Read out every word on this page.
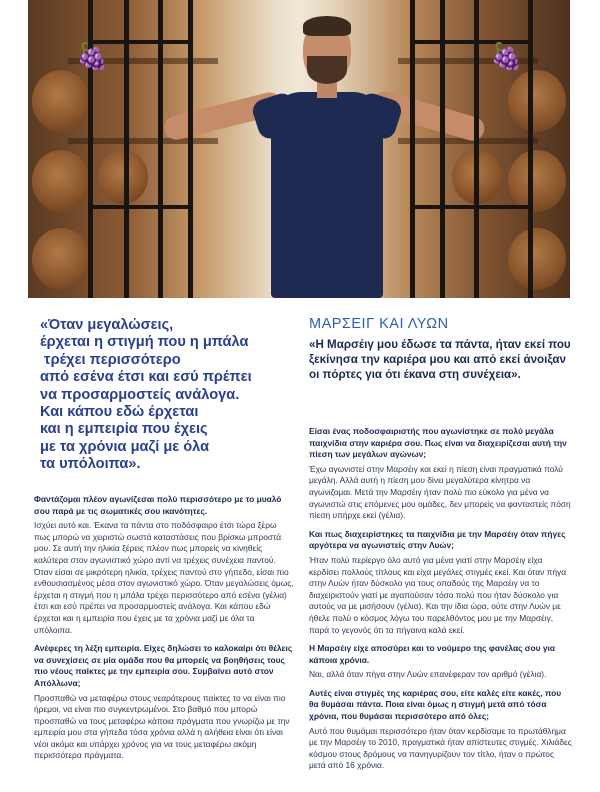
🍇	🍇
«Όταν μεγαλώσεις,
έρχεται η στιγμή που η μπάλα
τρέχει περισσότερο
από εσένα έτσι και εσύ πρέπει
να προσαρμοστείς ανάλογα.
Και κάπου εδώ έρχεται
και η εμπειρία που έχεις
με τα χρόνια μαζί με όλα
τα υπόλοιπα».

Φαντάζομαι πλέον αγωνίζεσαι πολύ περισσότερο με το μυαλό σου παρά με τις σωματικές σου ικανότητες.

Ισχύει αυτό και. Έκανα τα πάντα στο ποδόσφαιρο έτσι τώρα ξέρω πως μπορώ να χειριστώ σωστά καταστάσεις που βρίσκω μπροστά μου. Σε αυτή την ηλικία ξέρεις πλέον πως μπορείς να κινηθείς καλύτερα στον αγωνιστικό χώρο αντί να τρέχεις συνέχεια παντού. Όταν είσαι σε μικρότερη ηλικία, τρέχεις παντού στο γήπεδο, είσαι πιο ενθουσιασμένος μέσα στον αγωνιστικό χώρο. Όταν μεγαλώσεις όμως, έρχεται η στιγμή που η μπάλα τρέχει περισσότερο από εσένα (γέλια) έτσι και εσύ πρέπει να προσαρμοστείς ανάλογα. Και κάπου εδώ έρχεται και η εμπειρία που έχεις με τα χρόνια μαζί με όλα τα υπόλοιπα.

Ανέφερες τη λέξη εμπειρία. Είχες δηλώσει το καλοκαίρι ότι θέλεις να συνεχίσεις σε μία ομάδα που θα μπορείς να βοηθήσεις τους πιο νέους παίκτες με την εμπειρία σου. Συμβαίνει αυτό στον Απόλλωνα;

Προσπαθώ να μεταφέρω στους νεαρότερους παίκτες το να είναι πιο ήρεμοι, να είναι πιο συγκεντρωμένοι. Στο βαθμό που μπορώ προσπαθώ να τους μεταφέρω κάποια πράγματα που γνωρίζω με την εμπειρία μου στα γήπεδα τόσα χρόνια αλλά η αλήθεια είναι ότι είναι νέοι ακόμα και υπάρχει χρόνος για να τους μεταφέρω ακόμη περισσότερα πράγματα.

ΜΑΡΣΕΙΓ ΚΑΙ ΛΥΩΝ

«Η Μαρσέιγ μου έδωσε τα πάντα, ήταν εκεί που ξεκίνησα την καριέρα μου και από εκεί άνοιξαν οι πόρτες για ότι έκανα στη συνέχεια».

Είσαι ένας ποδοσφαιριστής που αγωνίστηκε σε πολύ μεγάλα παιχνίδια στην καριέρα σου. Πως είναι να διαχειρίζεσαι αυτή την πίεση των μεγάλων αγώνων;

Έχω αγωνιστεί στην Μαρσέιγ και εκεί η πίεση είναι πραγματικά πολύ μεγάλη. Αλλά αυτή η πίεση μου δίνει μεγαλύτερα κίνητρα να αγωνιζομαι. Μετά την Μαρσέιγ ήταν πολύ πιο εύκολο για μένα να αγωνιστώ στις επόμενες μου ομάδες, δεν μπορείς να φανταστείς πόση πίεση υπήρχε εκεί (γέλια).

Και πως διαχειρίστηκες τα παιχνίδια με την Μαρσέιγ όταν πήγες αργότερα να αγωνιστείς στην Λυών;

Ήταν πολύ περίεργο όλο αυτό για μένα γιατί στην Μαρσέιγ είχα κερδίσει πολλούς τίτλους και είχα μεγάλες στιγμές εκεί. Και όταν πήγα στην Λυών ήταν δύσκολο για τους οπαδούς της Μαρσέιγ να το διαχειριστούν γιατί με αγαπούσαν τόσο πολύ που ήταν δύσκολο για αυτούς να με μισήσουν (γέλια). Και την ίδια ώρα, ούτε στην Λυών με ήθελε πολύ ο κόσμος λόγω του παρελθόντος μου με την Μαρσέιγ, παρά το γεγονός ότι τα πήγαινα καλά εκεί.

Η Μαρσέιγ είχε αποσύρει και το νούμερο της φανέλας σου για κάποια χρόνια.

Ναι, αλλά όταν πήγα στην Λυών επανέφεραν τον αριθμό (γέλια).

Αυτές είναι στιγμές της καριέρας σου, είτε καλές είτε κακές, που θα θυμάσαι πάντα. Ποια είναι όμως η στιγμή μετά από τόσα χρόνια, που θυμάσαι περισσότερο από όλες;

Αυτό που θυμάμαι περισσότερο ήταν όταν κερδίσαμε το πρωτάθλημα με την Μαρσέιγ το 2010, πραγματικά ήταν απίστευτες στιγμές. Χιλιάδες κόσμου στους δρόμους να πανηγυρίζουν τον τίτλο, ήταν ο πρώτος μετά από 16 χρόνια.
